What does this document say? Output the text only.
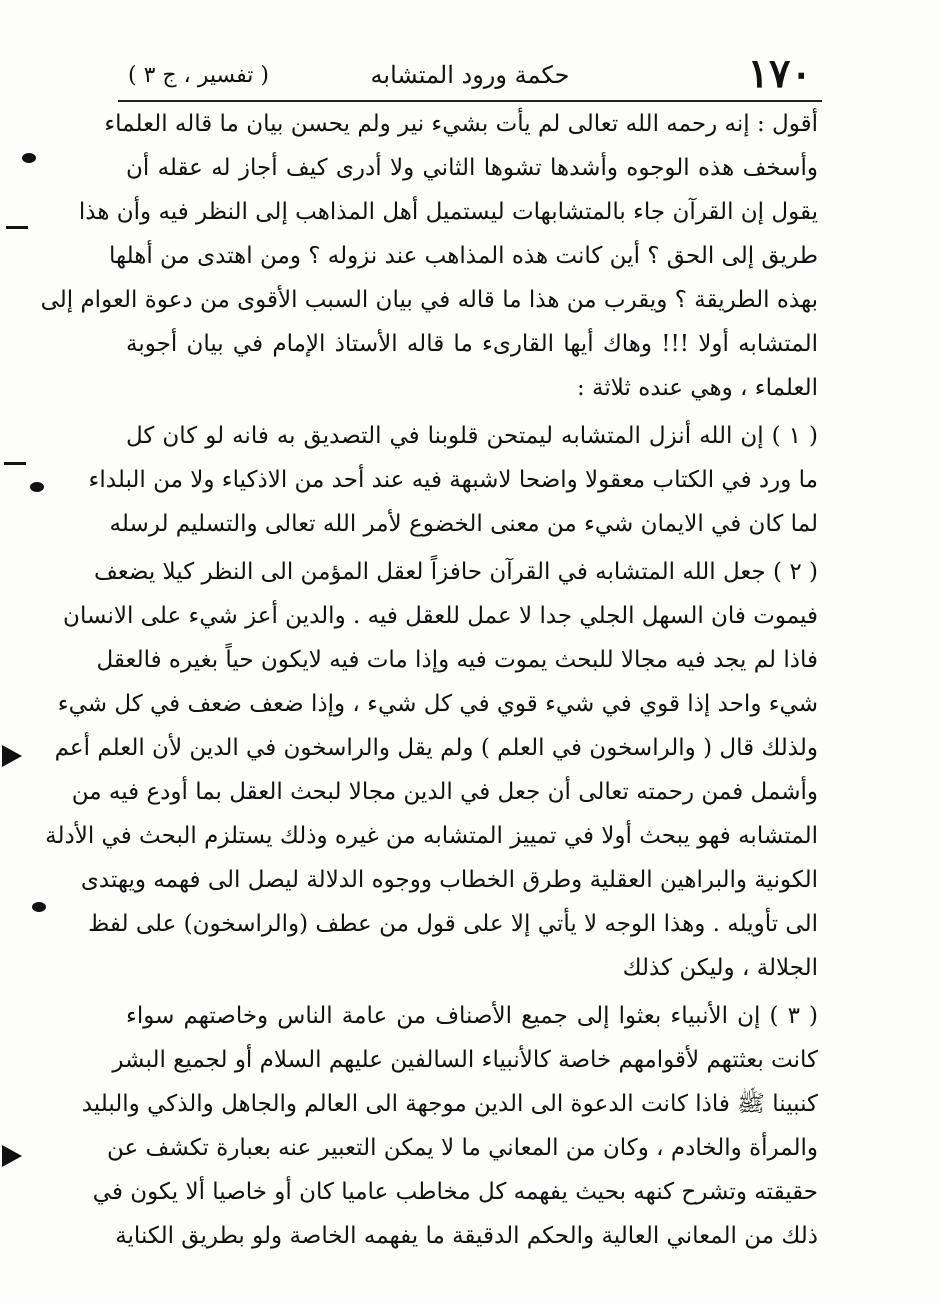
١٧٠
حكمة ورود المتشابه
( تفسير ، ج ٣ )
أقول : إنه رحمه الله تعالى لم يأت بشيء نير ولم يحسن بيان ما قاله العلماء
وأسخف هذه الوجوه وأشدها تشوها الثاني ولا أدرى كيف أجاز له عقله أن
يقول إن القرآن جاء بالمتشابهات ليستميل أهل المذاهب إلى النظر فيه وأن هذا
طريق إلى الحق ؟ أين كانت هذه المذاهب عند نزوله ؟ ومن اهتدى من أهلها
بهذه الطريقة ؟ ويقرب من هذا ما قاله في بيان السبب الأقوى من دعوة العوام إلى
المتشابه أولا !!! وهاك أيها القارىء ما قاله الأستاذ الإمام في بيان أجوبة
العلماء ، وهي عنده ثلاثة :
( ١ ) إن الله أنزل المتشابه ليمتحن قلوبنا في التصديق به فانه لو كان كل
ما ورد في الكتاب معقولا واضحا لاشبهة فيه عند أحد من الاذكياء ولا من البلداء
لما كان في الايمان شيء من معنى الخضوع لأمر الله تعالى والتسليم لرسله
( ٢ ) جعل الله المتشابه في القرآن حافزاً لعقل المؤمن الى النظر كيلا يضعف
فيموت فان السهل الجلي جدا لا عمل للعقل فيه . والدين أعز شيء على الانسان
فاذا لم يجد فيه مجالا للبحث يموت فيه وإذا مات فيه لايكون حياً بغيره فالعقل
شيء واحد إذا قوي في شيء قوي في كل شيء ، وإذا ضعف ضعف في كل شيء
ولذلك قال ( والراسخون في العلم ) ولم يقل والراسخون في الدين لأن العلم أعم
وأشمل فمن رحمته تعالى أن جعل في الدين مجالا لبحث العقل بما أودع فيه من
المتشابه فهو يبحث أولا في تمييز المتشابه من غيره وذلك يستلزم البحث في الأدلة
الكونية والبراهين العقلية وطرق الخطاب ووجوه الدلالة ليصل الى فهمه ويهتدى
الى تأويله . وهذا الوجه لا يأتي إلا على قول من عطف (والراسخون) على لفظ
الجلالة ، وليكن كذلك
( ٣ ) إن الأنبياء بعثوا إلى جميع الأصناف من عامة الناس وخاصتهم سواء
كانت بعثتهم لأقوامهم خاصة كالأنبياء السالفين عليهم السلام أو لجميع البشر
كنبينا ﷺ فاذا كانت الدعوة الى الدين موجهة الى العالم والجاهل والذكي والبليد
والمرأة والخادم ، وكان من المعاني ما لا يمكن التعبير عنه بعبارة تكشف عن
حقيقته وتشرح كنهه بحيث يفهمه كل مخاطب عاميا كان أو خاصيا ألا يكون في
ذلك من المعاني العالية والحكم الدقيقة ما يفهمه الخاصة ولو بطريق الكناية
